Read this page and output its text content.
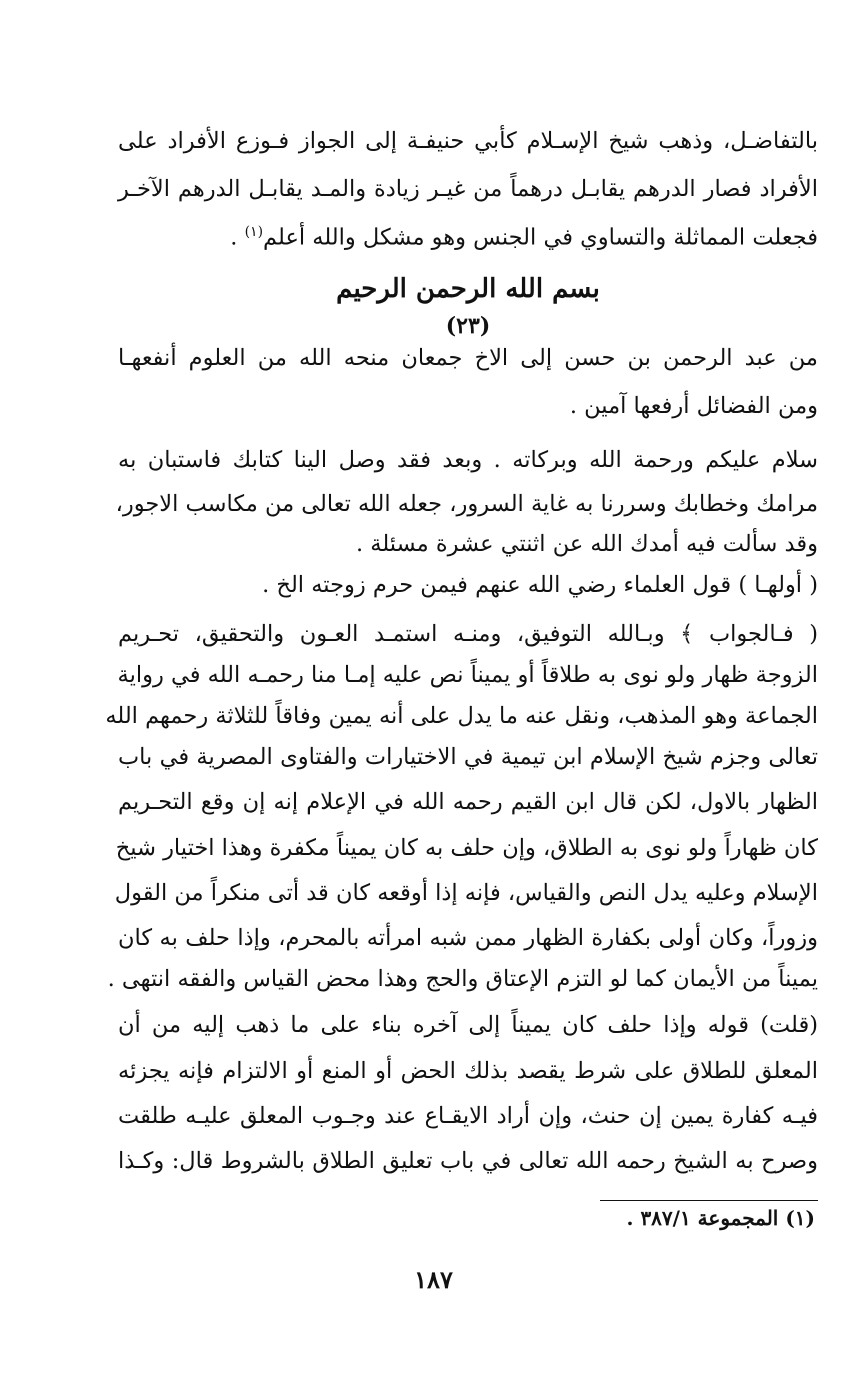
بالتفاضـل، وذهب شيخ الإسـلام كأبي حنيفـة إلى الجواز فـوزع الأفراد على

الأفراد فصار الدرهم يقابـل درهماً من غيـر زيادة والمـد يقابـل الدرهم الآخـر

فجعلت المماثلة والتساوي في الجنس وهو مشكل والله أعلم$^{(١)}$ .

بسم الله الرحمن الرحيم

(٢٣)

من عبد الرحمن بن حسن إلى الاخ جمعان منحه الله من العلوم أنفعهـا

ومن الفضائل أرفعها آمين .

سلام عليكم ورحمة الله وبركاته . وبعد فقد وصل الينا كتابك فاستبان به

مرامك وخطابك وسررنا به غاية السرور، جعله الله تعالى من مكاسب الاجور،

وقد سألت فيه أمدك الله عن اثنتي عشرة مسئلة .

( أولهـا ) قول العلماء رضي الله عنهم فيمن حرم زوجته الخ .

( فـالجواب ﴾ وبـالله التوفيق، ومنـه استمـد العـون والتحقيق، تحـريم

الزوجة ظهار ولو نوى به طلاقاً أو يميناً نص عليه إمـا منا رحمـه الله في رواية

الجماعة وهو المذهب، ونقل عنه ما يدل على أنه يمين وفاقاً للثلاثة رحمهم الله

تعالى وجزم شيخ الإسلام ابن تيمية في الاختيارات والفتاوى المصرية في باب

الظهار بالاول، لكن قال ابن القيم رحمه الله في الإعلام إنه إن وقع التحـريم

كان ظهاراً ولو نوى به الطلاق، وإن حلف به كان يميناً مكفرة وهذا اختيار شيخ

الإسلام وعليه يدل النص والقياس، فإنه إذا أوقعه كان قد أتى منكراً من القول

وزوراً، وكان أولى بكفارة الظهار ممن شبه امرأته بالمحرم، وإذا حلف به كان

يميناً من الأيمان كما لو التزم الإعتاق والحج وهذا محض القياس والفقه انتهى .

(قلت) قوله وإذا حلف كان يميناً إلى آخره بناء على ما ذهب إليه من أن

المعلق للطلاق على شرط يقصد بذلك الحض أو المنع أو الالتزام فإنه يجزئه

فيـه كفارة يمين إن حنث، وإن أراد الايقـاع عند وجـوب المعلق عليـه طلقت

وصرح به الشيخ رحمه الله تعالى في باب تعليق الطلاق بالشروط قال: وكـذا

(١) المجموعة ٣٨٧/١ .
١٨٧
